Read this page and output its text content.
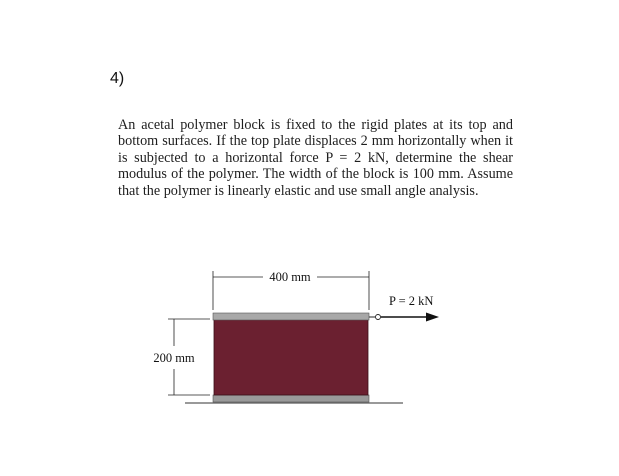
4)

An acetal polymer block is fixed to the rigid plates at its top and bottom surfaces. If the top plate displaces 2 mm horizontally when it is subjected to a horizontal force P = 2 kN, determine the shear modulus of the polymer. The width of the block is 100 mm. Assume that the polymer is linearly elastic and use small angle analysis.

P = 2 kN
400 mm
200 mm
